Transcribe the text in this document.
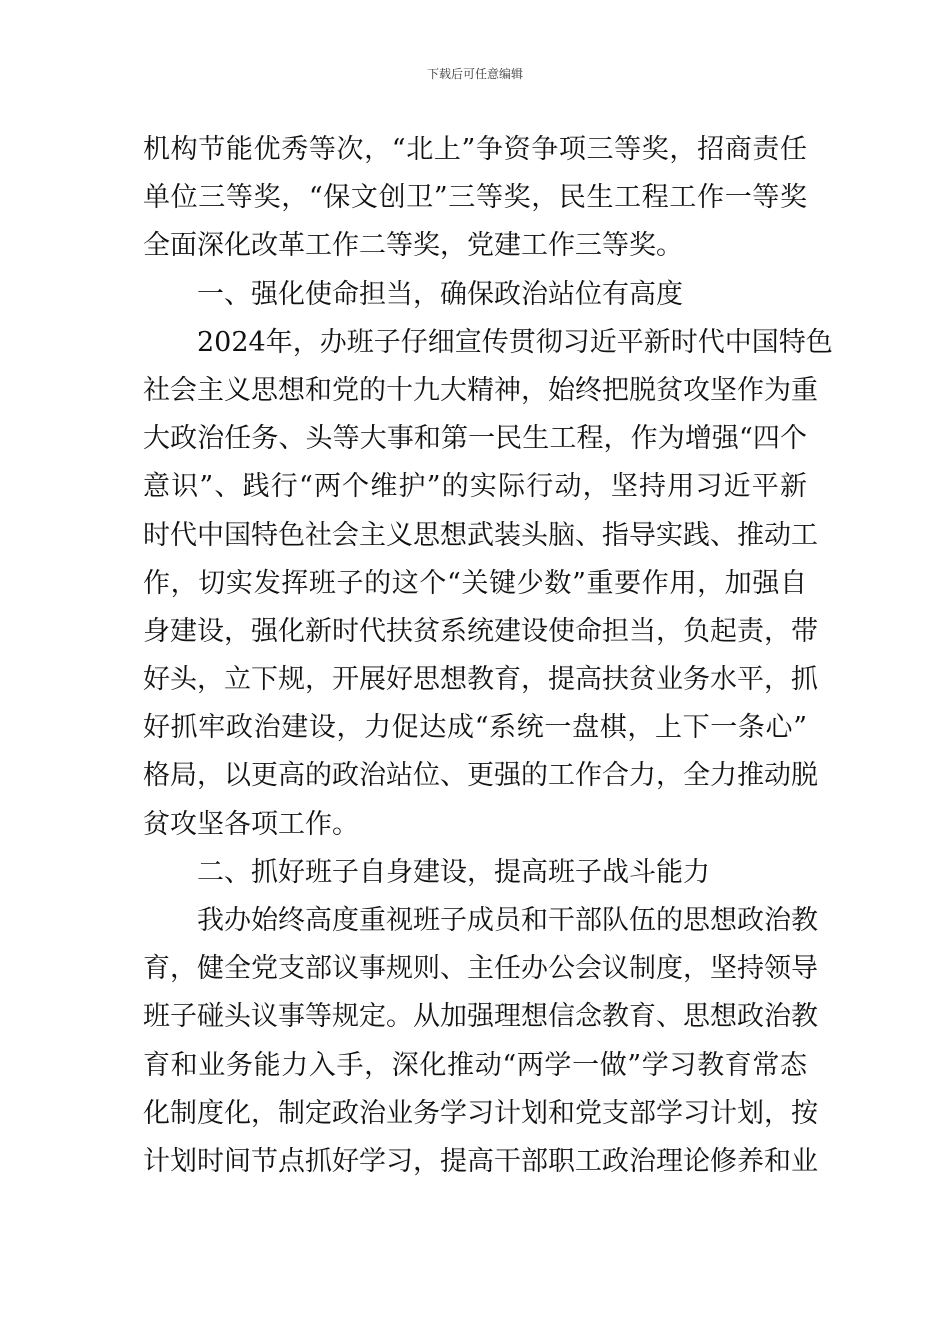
下载后可任意编辑
机构节能优秀等次，“北上”争资争项三等奖，招商责任
单位三等奖，“保文创卫”三等奖，民生工程工作一等奖
全面深化改革工作二等奖，党建工作三等奖。
一、强化使命担当，确保政治站位有高度
2024年，办班子仔细宣传贯彻习近平新时代中国特色
社会主义思想和党的十九大精神，始终把脱贫攻坚作为重
大政治任务、头等大事和第一民生工程，作为增强“四个
意识”、践行“两个维护”的实际行动，坚持用习近平新
时代中国特色社会主义思想武装头脑、指导实践、推动工
作，切实发挥班子的这个“关键少数”重要作用，加强自
身建设，强化新时代扶贫系统建设使命担当，负起责，带
好头，立下规，开展好思想教育，提高扶贫业务水平，抓
好抓牢政治建设，力促达成“系统一盘棋，上下一条心”
格局，以更高的政治站位、更强的工作合力，全力推动脱
贫攻坚各项工作。
二、抓好班子自身建设，提高班子战斗能力
我办始终高度重视班子成员和干部队伍的思想政治教
育，健全党支部议事规则、主任办公会议制度，坚持领导
班子碰头议事等规定。从加强理想信念教育、思想政治教
育和业务能力入手，深化推动“两学一做”学习教育常态
化制度化，制定政治业务学习计划和党支部学习计划，按
计划时间节点抓好学习，提高干部职工政治理论修养和业
